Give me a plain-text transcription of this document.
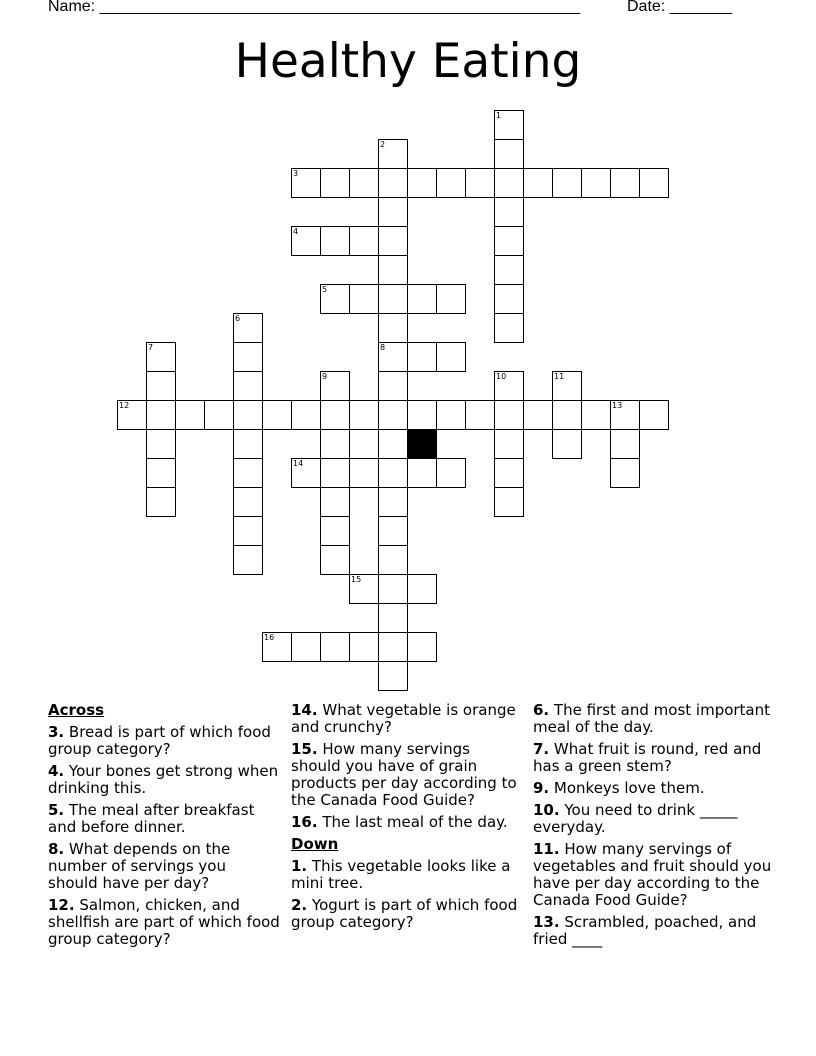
Name: ______________________________________________________	Date: _______
Healthy Eating
1
2
8
3
4
5
6
7
9	10	11
12	13
14
15
16
Across
3. Bread is part of which food group category?
4. Your bones get strong when drinking this.
5. The meal after breakfast and before dinner.
8. What depends on the number of servings you should have per day?
12. Salmon, chicken, and shellfish are part of which food group category?
14. What vegetable is orange and crunchy?
15. How many servings should you have of grain products per day according to the Canada Food Guide?
16. The last meal of the day.
Down
1. This vegetable looks like a mini tree.
2. Yogurt is part of which food group category?
6. The first and most important meal of the day.
7. What fruit is round, red and has a green stem?
9. Monkeys love them.
10. You need to drink _____ everyday.
11. How many servings of vegetables and fruit should you have per day according to the Canada Food Guide?
13. Scrambled, poached, and fried ____
